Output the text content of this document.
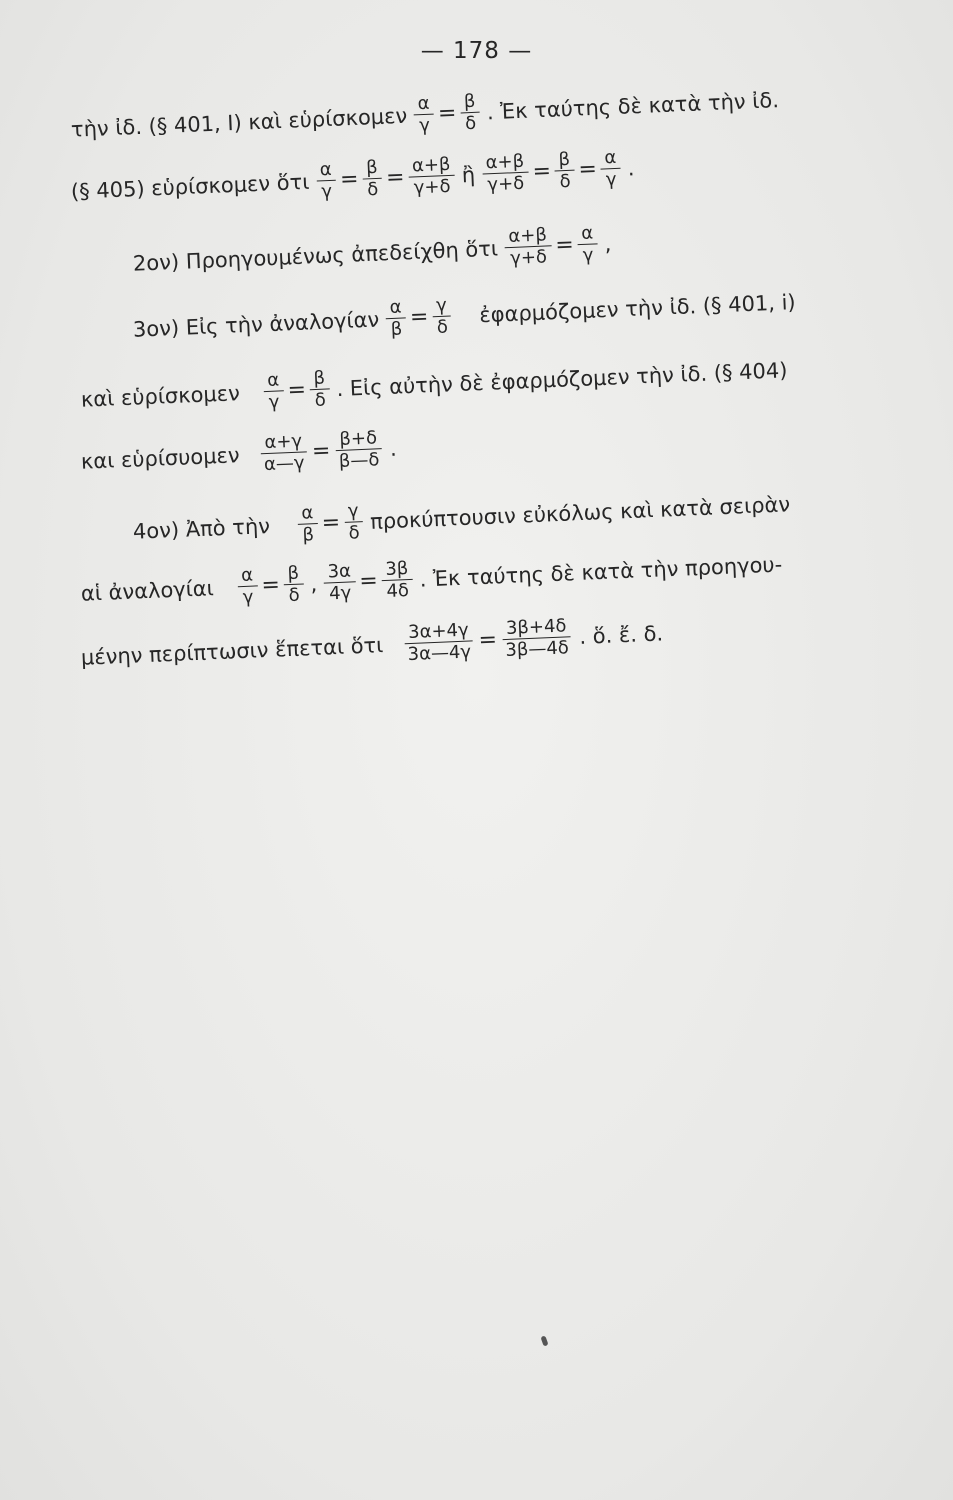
— 178 —
τὴν ἰδ. (§ 401, Ι) καὶ εὑρίσκομεν $\frac{\alpha}{\gamma} = \frac{\beta}{\delta}$ . Ἐκ ταύτης δὲ κατὰ τὴν ἰδ.
(§ 405) εὑρίσκομεν ὅτι $\frac{\alpha}{\gamma} = \frac{\beta}{\delta} = \frac{\alpha+\beta}{\gamma+\delta}$ ἢ $\frac{\alpha+\beta}{\gamma+\delta} = \frac{\beta}{\delta} = \frac{\alpha}{\gamma}$ .
2ον) Προηγουμένως ἀπεδείχθη ὅτι $\frac{\alpha+\beta}{\gamma+\delta} = \frac{\alpha}{\gamma}$ ,
3ον) Εἰς τὴν ἀναλογίαν $\frac{\alpha}{\beta} = \frac{\gamma}{\delta}$ ἐφαρμόζομεν τὴν ἰδ. (§ 401, i)
καὶ εὑρίσκομεν $\frac{\alpha}{\gamma} = \frac{\beta}{\delta}$ . Εἰς αὐτὴν δὲ ἐφαρμόζομεν τὴν ἰδ. (§ 404)
και εὑρίσυομεν $\frac{\alpha+\gamma}{\alpha—\gamma} = \frac{\beta+\delta}{\beta—\delta}$ .
4ον) Ἀπὸ τὴν $\frac{\alpha}{\beta} = \frac{\gamma}{\delta}$ προκύπτουσιν εὐκόλως καὶ κατὰ σειρὰν
αἱ ἀναλογίαι $\frac{\alpha}{\gamma} = \frac{\beta}{\delta}$ , $\frac{3\alpha}{4\gamma} = \frac{3\beta}{4\delta}$ . Ἐκ ταύτης δὲ κατὰ τὴν προηγου-
μένην περίπτωσιν ἕπεται ὅτι $\frac{3\alpha+4\gamma}{3\alpha—4\gamma} = \frac{3\beta+4\delta}{3\beta—4\delta}$ . ὅ. ἔ. δ.
